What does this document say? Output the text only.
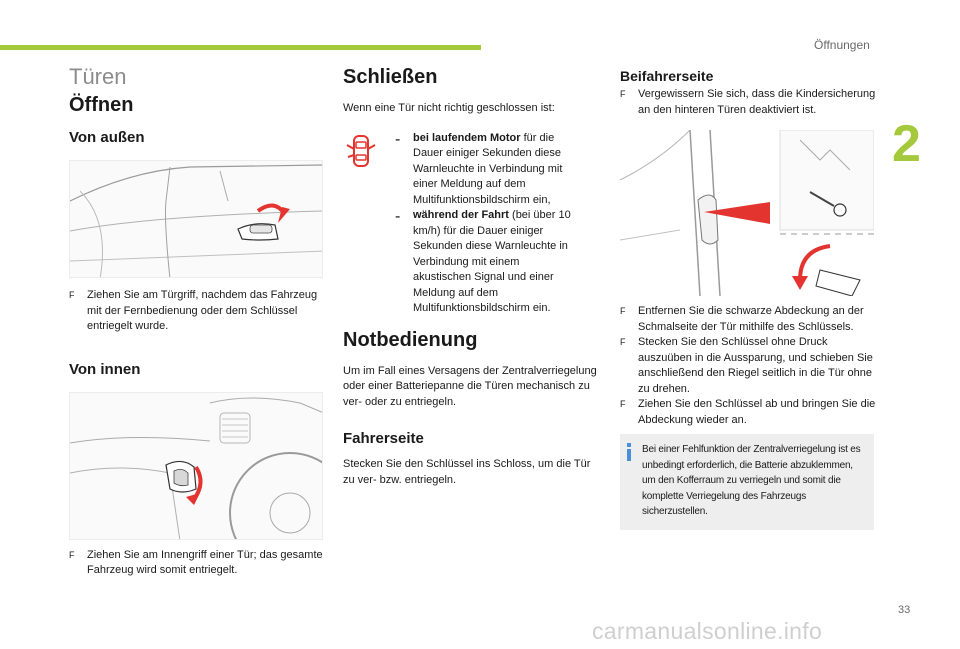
Öffnungen
2
33
carmanualsonline.info
Türen
Öffnen
Von außen
F	Ziehen Sie am Türgriff, nachdem das Fahrzeug mit der Fernbedienung oder dem Schlüssel entriegelt wurde.

Von innen
F	Ziehen Sie am Innengriff einer Tür; das gesamte Fahrzeug wird somit entriegelt.

Schließen

Wenn eine Tür nicht richtig geschlossen ist:

-	bei laufendem Motor für die Dauer einiger Sekunden diese Warnleuchte in Verbindung mit einer Meldung auf dem Multifunktionsbildschirm ein,

-	während der Fahrt (bei über 10 km/h) für die Dauer einiger Sekunden diese Warnleuchte in Verbindung mit einem akustischen Signal und einer Meldung auf dem Multifunktionsbildschirm ein.

Notbedienung

Um im Fall eines Versagens der Zentralverriegelung oder einer Batteriepanne die Türen mechanisch zu ver- oder zu entriegeln.

Fahrerseite

Stecken Sie den Schlüssel ins Schloss, um die Tür zu ver- bzw. entriegeln.

Beifahrerseite
F	Vergewissern Sie sich, dass die Kindersicherung an den hinteren Türen deaktiviert ist.

F	Entfernen Sie die schwarze Abdeckung an der Schmalseite der Tür mithilfe des Schlüssels.

F	Stecken Sie den Schlüssel ohne Druck auszuüben in die Aussparung, und schieben Sie anschließend den Riegel seitlich in die Tür ohne zu drehen.

F	Ziehen Sie den Schlüssel ab und bringen Sie die Abdeckung wieder an.

Bei einer Fehlfunktion der Zentralverriegelung ist es unbedingt erforderlich, die Batterie abzuklemmen, um den Kofferraum zu verriegeln und somit die komplette Verriegelung des Fahrzeugs sicherzustellen.
